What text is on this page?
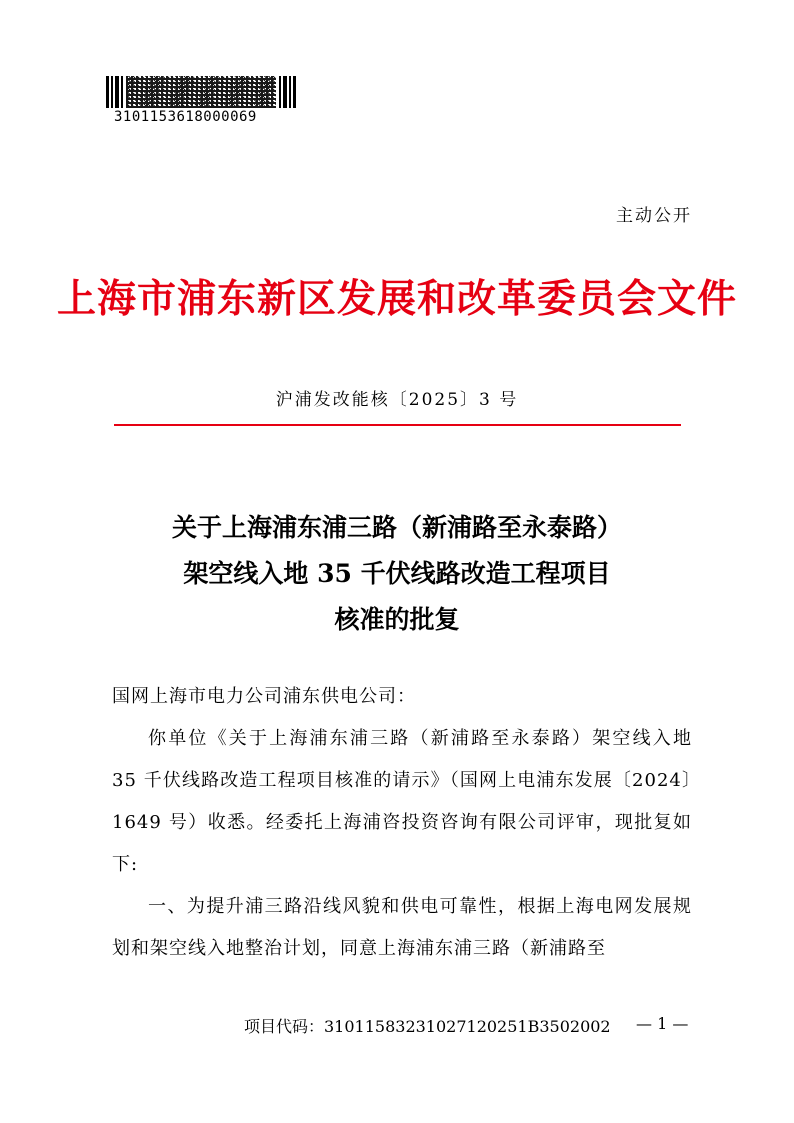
3101153618000069
主动公开
上海市浦东新区发展和改革委员会文件
沪浦发改能核〔2025〕3 号
关于上海浦东浦三路（新浦路至永泰路）
架空线入地 35 千伏线路改造工程项目
核准的批复

国网上海市电力公司浦东供电公司：

你单位《关于上海浦东浦三路（新浦路至永泰路）架空线入地 35 千伏线路改造工程项目核准的请示》（国网上电浦东发展〔2024〕1649 号）收悉。经委托上海浦咨投资咨询有限公司评审，现批复如下:

一、为提升浦三路沿线风貌和供电可靠性，根据上海电网发展规划和架空线入地整治计划，同意上海浦东浦三路（新浦路至

项目代码：3101158323102712025​1B3502002 — 1 —
